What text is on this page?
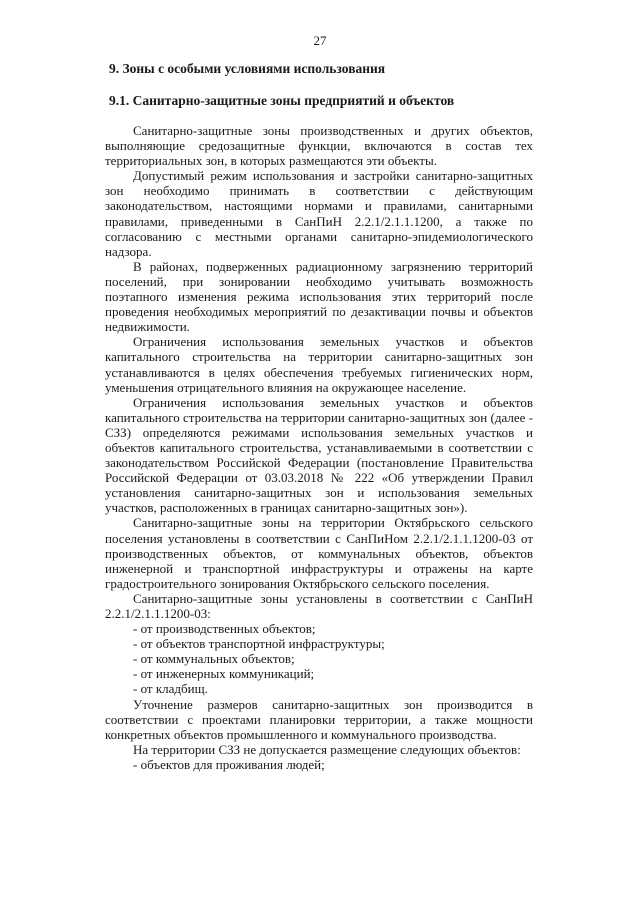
27
9. Зоны с особыми условиями использования
9.1. Санитарно-защитные зоны предприятий и объектов

Санитарно-защитные зоны производственных и других объектов, выполняющие средозащитные функции, включаются в состав тех территориальных зон, в которых размещаются эти объекты.

Допустимый режим использования и застройки санитарно-защитных зон необходимо принимать в соответствии с действующим законодательством, настоящими нормами и правилами, санитарными правилами, приведенными в СанПиН 2.2.1/2.1.1.1200, а также по согласованию с местными органами санитарно-эпидемиологического надзора.

В районах, подверженных радиационному загрязнению территорий поселений, при зонировании необходимо учитывать возможность поэтапного изменения режима использования этих территорий после проведения необходимых мероприятий по дезактивации почвы и объектов недвижимости.

Ограничения использования земельных участков и объектов капитального строительства на территории санитарно-защитных зон устанавливаются в целях обеспечения требуемых гигиенических норм, уменьшения отрицательного влияния на окружающее население.

Ограничения использования земельных участков и объектов капитального строительства на территории санитарно-защитных зон (далее - СЗЗ) определяются режимами использования земельных участков и объектов капитального строительства, устанавливаемыми в соответствии с законодательством Российской Федерации (постановление Правительства Российской Федерации от 03.03.2018 № 222 «Об утверждении Правил установления санитарно-защитных зон и использования земельных участков, расположенных в границах санитарно-защитных зон»).

Санитарно-защитные зоны на территории Октябрьского сельского поселения установлены в соответствии с СанПиНом 2.2.1/2.1.1.1200-03 от производственных объектов, от коммунальных объектов, объектов инженерной и транспортной инфраструктуры и отражены на карте градостроительного зонирования Октябрьского сельского поселения.

Санитарно-защитные зоны установлены в соответствии с СанПиН 2.2.1/2.1.1.1200-03:

- от производственных объектов;

- от объектов транспортной инфраструктуры;

- от коммунальных объектов;

- от инженерных коммуникаций;

- от кладбищ.

Уточнение размеров санитарно-защитных зон производится в соответствии с проектами планировки территории, а также мощности конкретных объектов промышленного и коммунального производства.

На территории СЗЗ не допускается размещение следующих объектов:

- объектов для проживания людей;
